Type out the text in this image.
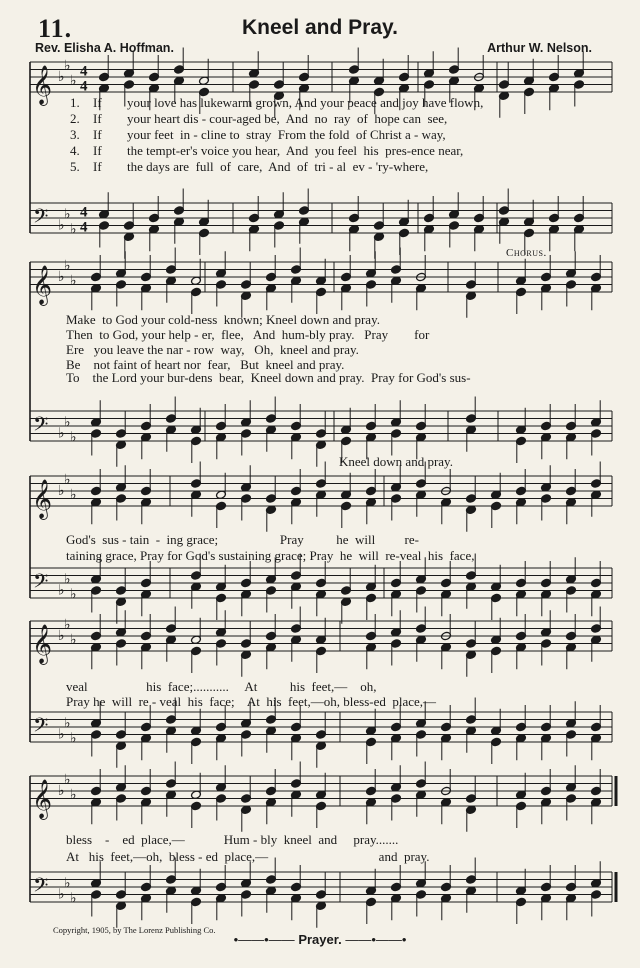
11.	Kneel and Pray.
Rev. Elisha A. Hoffman.	Arthur W. Nelson.
𝄞
𝄢
♭
♭
♭
♭
♭
♭
4
4
4
4
𝄞
𝄢
♭
♭
♭
♭
♭
♭
𝄞
𝄢
♭
♭
♭
♭
♭
♭
𝄞
𝄢
♭
♭
♭
♭
♭
♭
𝄞
𝄢
♭
♭
♭
♭
♭
♭
1. If your love has lukewarm grown, And your peace and joy have flown,
2. If your heart dis - cour-aged be,  And  no  ray  of  hope can  see,
3. If your feet  in - cline to  stray  From the fold  of Christ a - way,
4. If the tempt-er's voice you hear,  And  you feel  his  pres-ence near,
5. If the days are  full  of  care,  And  of  tri - al  ev - 'ry-where,
Chorus.
Make  to God your cold-ness  known; Kneel down and pray.
Then  to God, your help - er,  flee,   And  hum-bly pray.   Pray        for
Ere   you leave the nar - row  way,   Oh,  kneel and pray.
Be    not faint of heart nor  fear,   But  kneel and pray.
To    the Lord your bur-dens  bear,  Kneel down and pray.  Pray for God's sus-
Kneel down and pray.
God's  sus - tain  -  ing grace;                   Pray          he  will         re-
taining grace, Pray for God's sustaining grace; Pray  he  will  re-veal  his  face,
veal                  his  face;...........     At          his  feet,—    oh,
Pray he  will  re - veal  his  face;    At  his  feet,—oh, bless-ed  place,—
bless    -    ed  place,—            Hum - bly  kneel  and     pray.......
At   his  feet,—oh,  bless - ed  place,—                                  and  pray.
Copyright, 1905, by The Lorenz Publishing Co.
•——•—— Prayer. ——•——•
